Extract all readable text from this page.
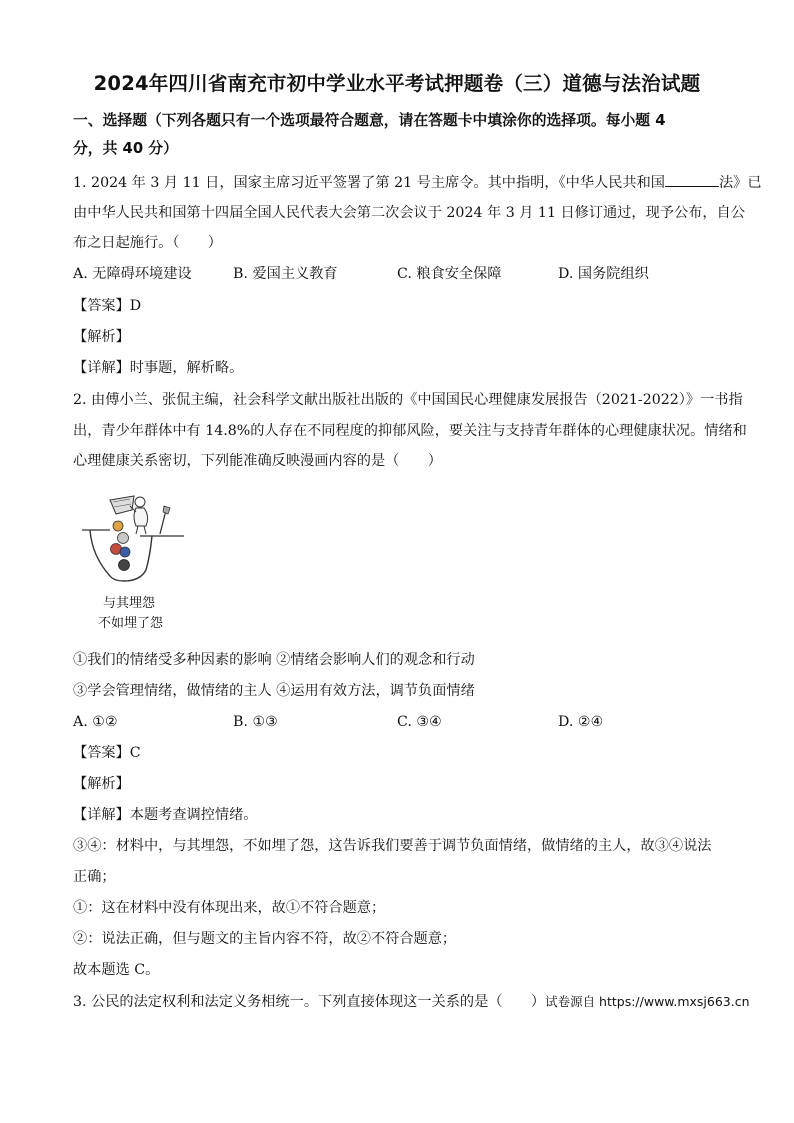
2024年四川省南充市初中学业水平考试押题卷（三）道德与法治试题
一、选择题（下列各题只有一个选项最符合题意，请在答题卡中填涂你的选择项。每小题 4
分，共 40 分）
1. 2024 年 3 月 11 日，国家主席习近平签署了第 21 号主席令。其中指明，《中华人民共和国	法》已
由中华人民共和国第十四届全国人民代表大会第二次会议于 2024 年 3 月 11 日修订通过，现予公布，自公
布之日起施行。（　　）
A. 无障碍环境建设	B. 爱国主义教育	C. 粮食安全保障	D. 国务院组织
【答案】D
【解析】
【详解】时事题，解析略。
2. 由傅小兰、张侃主编，社会科学文献出版社出版的《中国国民心理健康发展报告（2021-2022）》一书指
出，青少年群体中有 14.8%的人存在不同程度的抑郁风险，要关注与支持青年群体的心理健康状况。情绪和
心理健康关系密切，下列能准确反映漫画内容的是（　　）
与其埋怨
不如埋了怨
①我们的情绪受多种因素的影响 ②情绪会影响人们的观念和行动
③学会管理情绪，做情绪的主人 ④运用有效方法，调节负面情绪
A. ①②	B. ①③	C. ③④	D. ②④
【答案】C
【解析】
【详解】本题考查调控情绪。
③④：材料中，与其埋怨，不如埋了怨，这告诉我们要善于调节负面情绪，做情绪的主人，故③④说法
正确；
①：这在材料中没有体现出来，故①不符合题意；
②：说法正确，但与题文的主旨内容不符，故②不符合题意；
故本题选 C。
3. 公民的法定权利和法定义务相统一。下列直接体现这一关系的是（　　）试卷源自 https://www.mxsj663.cn
